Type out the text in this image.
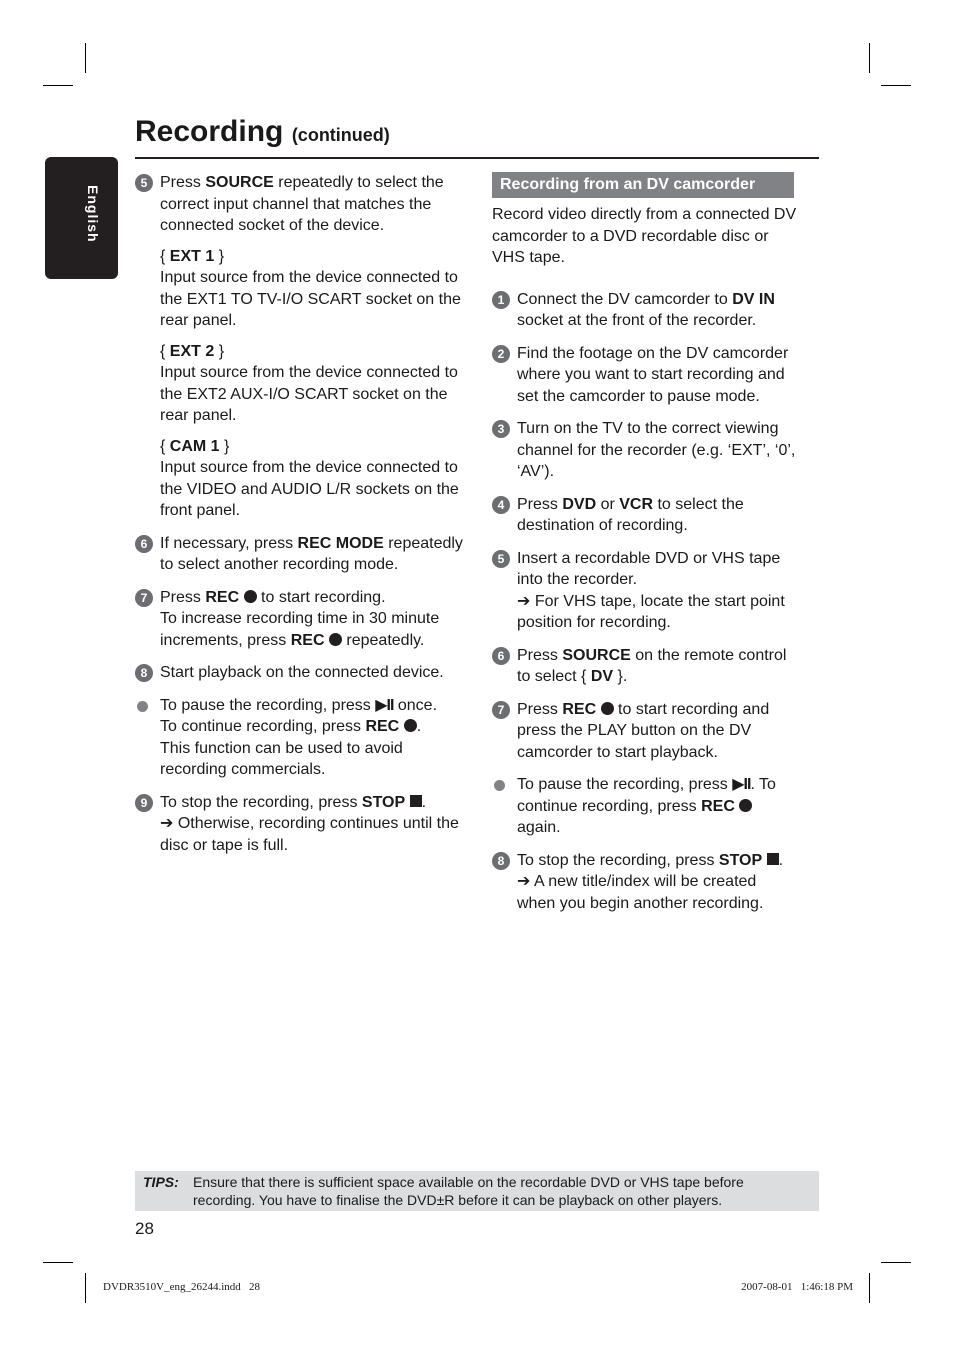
English
Recording (continued)
5 Press SOURCE repeatedly to select the correct input channel that matches the connected socket of the device.
{ EXT 1 }
Input source from the device connected to the EXT1 TO TV-I/O SCART socket on the rear panel.
{ EXT 2 }
Input source from the device connected to the EXT2 AUX-I/O SCART socket on the rear panel.
{ CAM 1 }
Input source from the device connected to the VIDEO and AUDIO L/R sockets on the front panel.
6 If necessary, press REC MODE repeatedly to select another recording mode.
7 Press REC  to start recording.
To increase recording time in 30 minute increments, press REC  repeatedly.
8 Start playback on the connected device.
To pause the recording, press ▶II once.
To continue recording, press REC .
This function can be used to avoid recording commercials.
9 To stop the recording, press STOP .
➔ Otherwise, recording continues until the disc or tape is full.
Recording from an DV camcorder
Record video directly from a connected DV camcorder to a DVD recordable disc or VHS tape.
1 Connect the DV camcorder to DV IN socket at the front of the recorder.
2 Find the footage on the DV camcorder where you want to start recording and set the camcorder to pause mode.
3 Turn on the TV to the correct viewing channel for the recorder (e.g. ‘EXT’, ‘0’, ‘AV’).
4 Press DVD or VCR to select the destination of recording.
5 Insert a recordable DVD or VHS tape into the recorder.
➔ For VHS tape, locate the start point position for recording.
6 Press SOURCE on the remote control to select { DV }.
7 Press REC  to start recording and press the PLAY button on the DV camcorder to start playback.
To pause the recording, press ▶II. To continue recording, press REC  again.
8 To stop the recording, press STOP .
➔ A new title/index will be created when you begin another recording.
TIPS: Ensure that there is sufficient space available on the recordable DVD or VHS tape before recording. You have to finalise the DVD±R before it can be playback on other players.
28
DVDR3510V_eng_26244.indd   28	2007-08-01   1:46:18 PM
